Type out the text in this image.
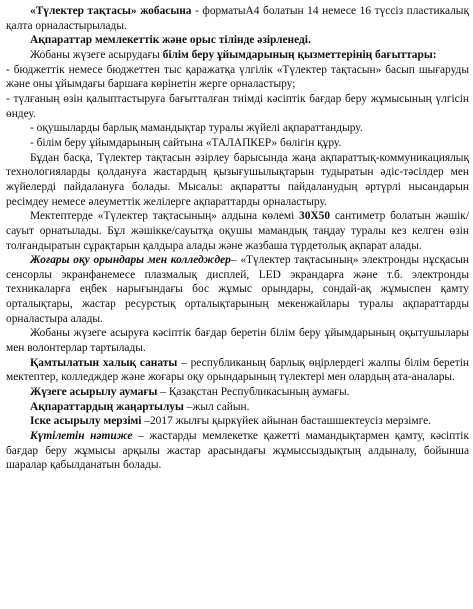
«Түлектер тақтасы» жобасына - форматыА4 болатын 14 немесе 16 түссіз пластикалық қалта орналастырылады.

Ақпараттар мемлекеттік және орыс тілінде әзірленеді.

Жобаны жүзеге асырудағы білім беру ұйымдарының қызметтерінің бағыттары:

- бюджеттік немесе бюджеттен тыс қаражатқа үлгілік «Түлектер тақтасын» басып шығаруды және оны ұйымдағы баршаға көрінетін жерге орналастыру;

- түлғаның өзін қалыптастыруға бағытталған тиімді кәсіптік бағдар беру жұмысының үлгісін өндеу.

- оқушыларды барлық мамандықтар туралы жүйелі ақпараттандыру.

- білім беру ұйымдарының сайтына «ТАЛАПКЕР» бөлігін құру.

Бұдан басқа, Түлектер тақтасын әзірлеу барысында жаңа ақпараттық-коммуникациялық технологияларды қолдануға жастардың қызығушылықтарын тудыратын әдіс-тәсілдер мен жүйелерді пайдалануға болады. Мысалы: ақпаратты пайдаланудың әртүрлі нысандарын ресімдеу немесе әлеуметтік желілерге ақпараттарды орналастыру.

Мектептерде «Түлектер тақтасының» алдына көлемі 30X50 сантиметр болатын жәшік/сауыт орнатылады. Бұл жәшікке/сауытқа оқушы мамандық таңдау туралы кез келген өзін толғандыратын сұрақтарын қалдыра алады және жазбаша түрдетолық ақпарат алады.

Жоғары оқу орындары мен колледждер– «Түлектер тақтасының» электронды нұсқасын сенсорлы экранфанемесе плазмалық дисплей, LED экрандарға және т.б. электронды техникаларға еңбек нарығындағы бос жұмыс орындары, сондай-ақ жұмыспен қамту орталықтары, жастар ресурстық орталықтарының мекенжайлары туралы ақпараттарды орналастыра алады.

Жобаны жүзеге асыруға кәсіптік бағдар беретін білім беру ұйымдарының оқытушылары мен волонтерлар тартылады.

Қамтылатын халық санаты – республиканың барлық өңірлердегі жалпы білім беретін мектептер, колледждер және жоғары оқу орындарының түлектері мен олардың ата-аналары.

Жүзеге асырылу аумағы – Қазақстан Республикасының аумағы.

Ақпараттардың жаңартылуы –жыл сайын.

Іске асырылу мерзімі –2017 жылғы қыркүйек айынан басташшектеусіз мерзімге.

Күтілетін нәтиже – жастарды мемлекетке қажетті мамандықтармен қамту, кәсіптік бағдар беру жұмысы арқылы жастар арасындағы жұмыссыздықтың алдыналу, бойынша шаралар қабылданатын болады.
